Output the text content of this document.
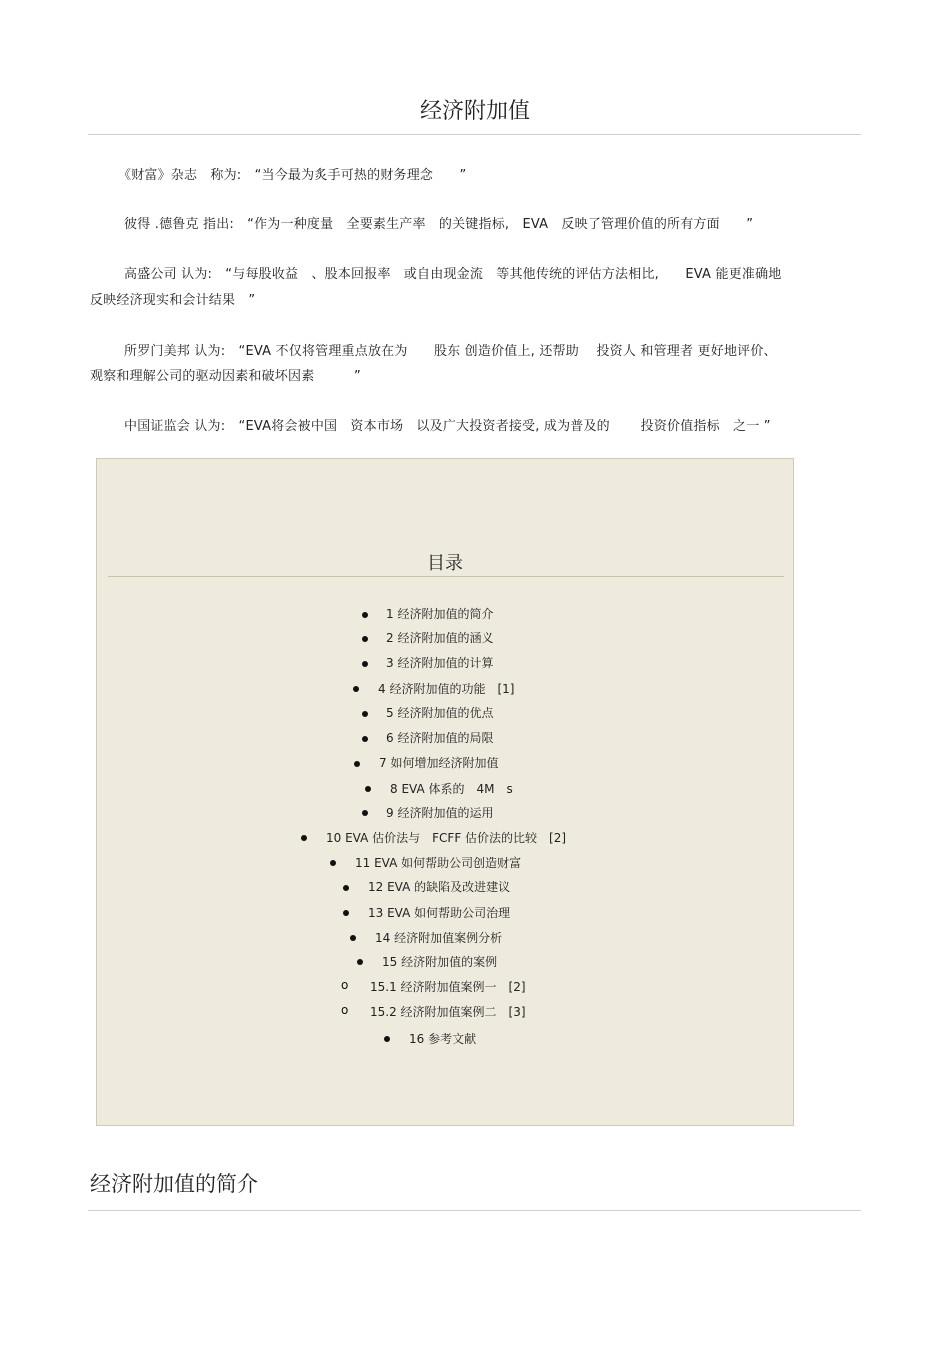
经济附加值
《财富》杂志　称为:　“当今最为炙手可热的财务理念　　”
彼得 .德鲁克 指出:　“作为一种度量　全要素生产率　的关键指标,　EVA　反映了管理价值的所有方面　　”
高盛公司 认为:　“与每股收益　、股本回报率　或自由现金流　等其他传统的评估方法相比,　　EVA 能更准确地
反映经济现实和会计结果　”
所罗门美邦 认为:　“EVA 不仅将管理重点放在为　　股东 创造价值上, 还帮助　 投资人 和管理者 更好地评价、
观察和理解公司的驱动因素和破坏因素　　　”
中国证监会 认为:　“EVA将会被中国　资本市场　以及广大投资者接受, 成为普及的　　 投资价值指标　之一 ”
目录
1 经济附加值的简介
2 经济附加值的涵义
3 经济附加值的计算
4 经济附加值的功能　[1]
5 经济附加值的优点
6 经济附加值的局限
7 如何增加经济附加值
8 EVA 体系的　4M　s
9 经济附加值的运用
10 EVA 估价法与　FCFF 估价法的比较　[2]
11 EVA 如何帮助公司创造财富
12 EVA 的缺陷及改进建议
13 EVA 如何帮助公司治理
14 经济附加值案例分析
15 经济附加值的案例
o 15.1 经济附加值案例一　[2]
o 15.2 经济附加值案例二　[3]
16 参考文献
经济附加值的简介
